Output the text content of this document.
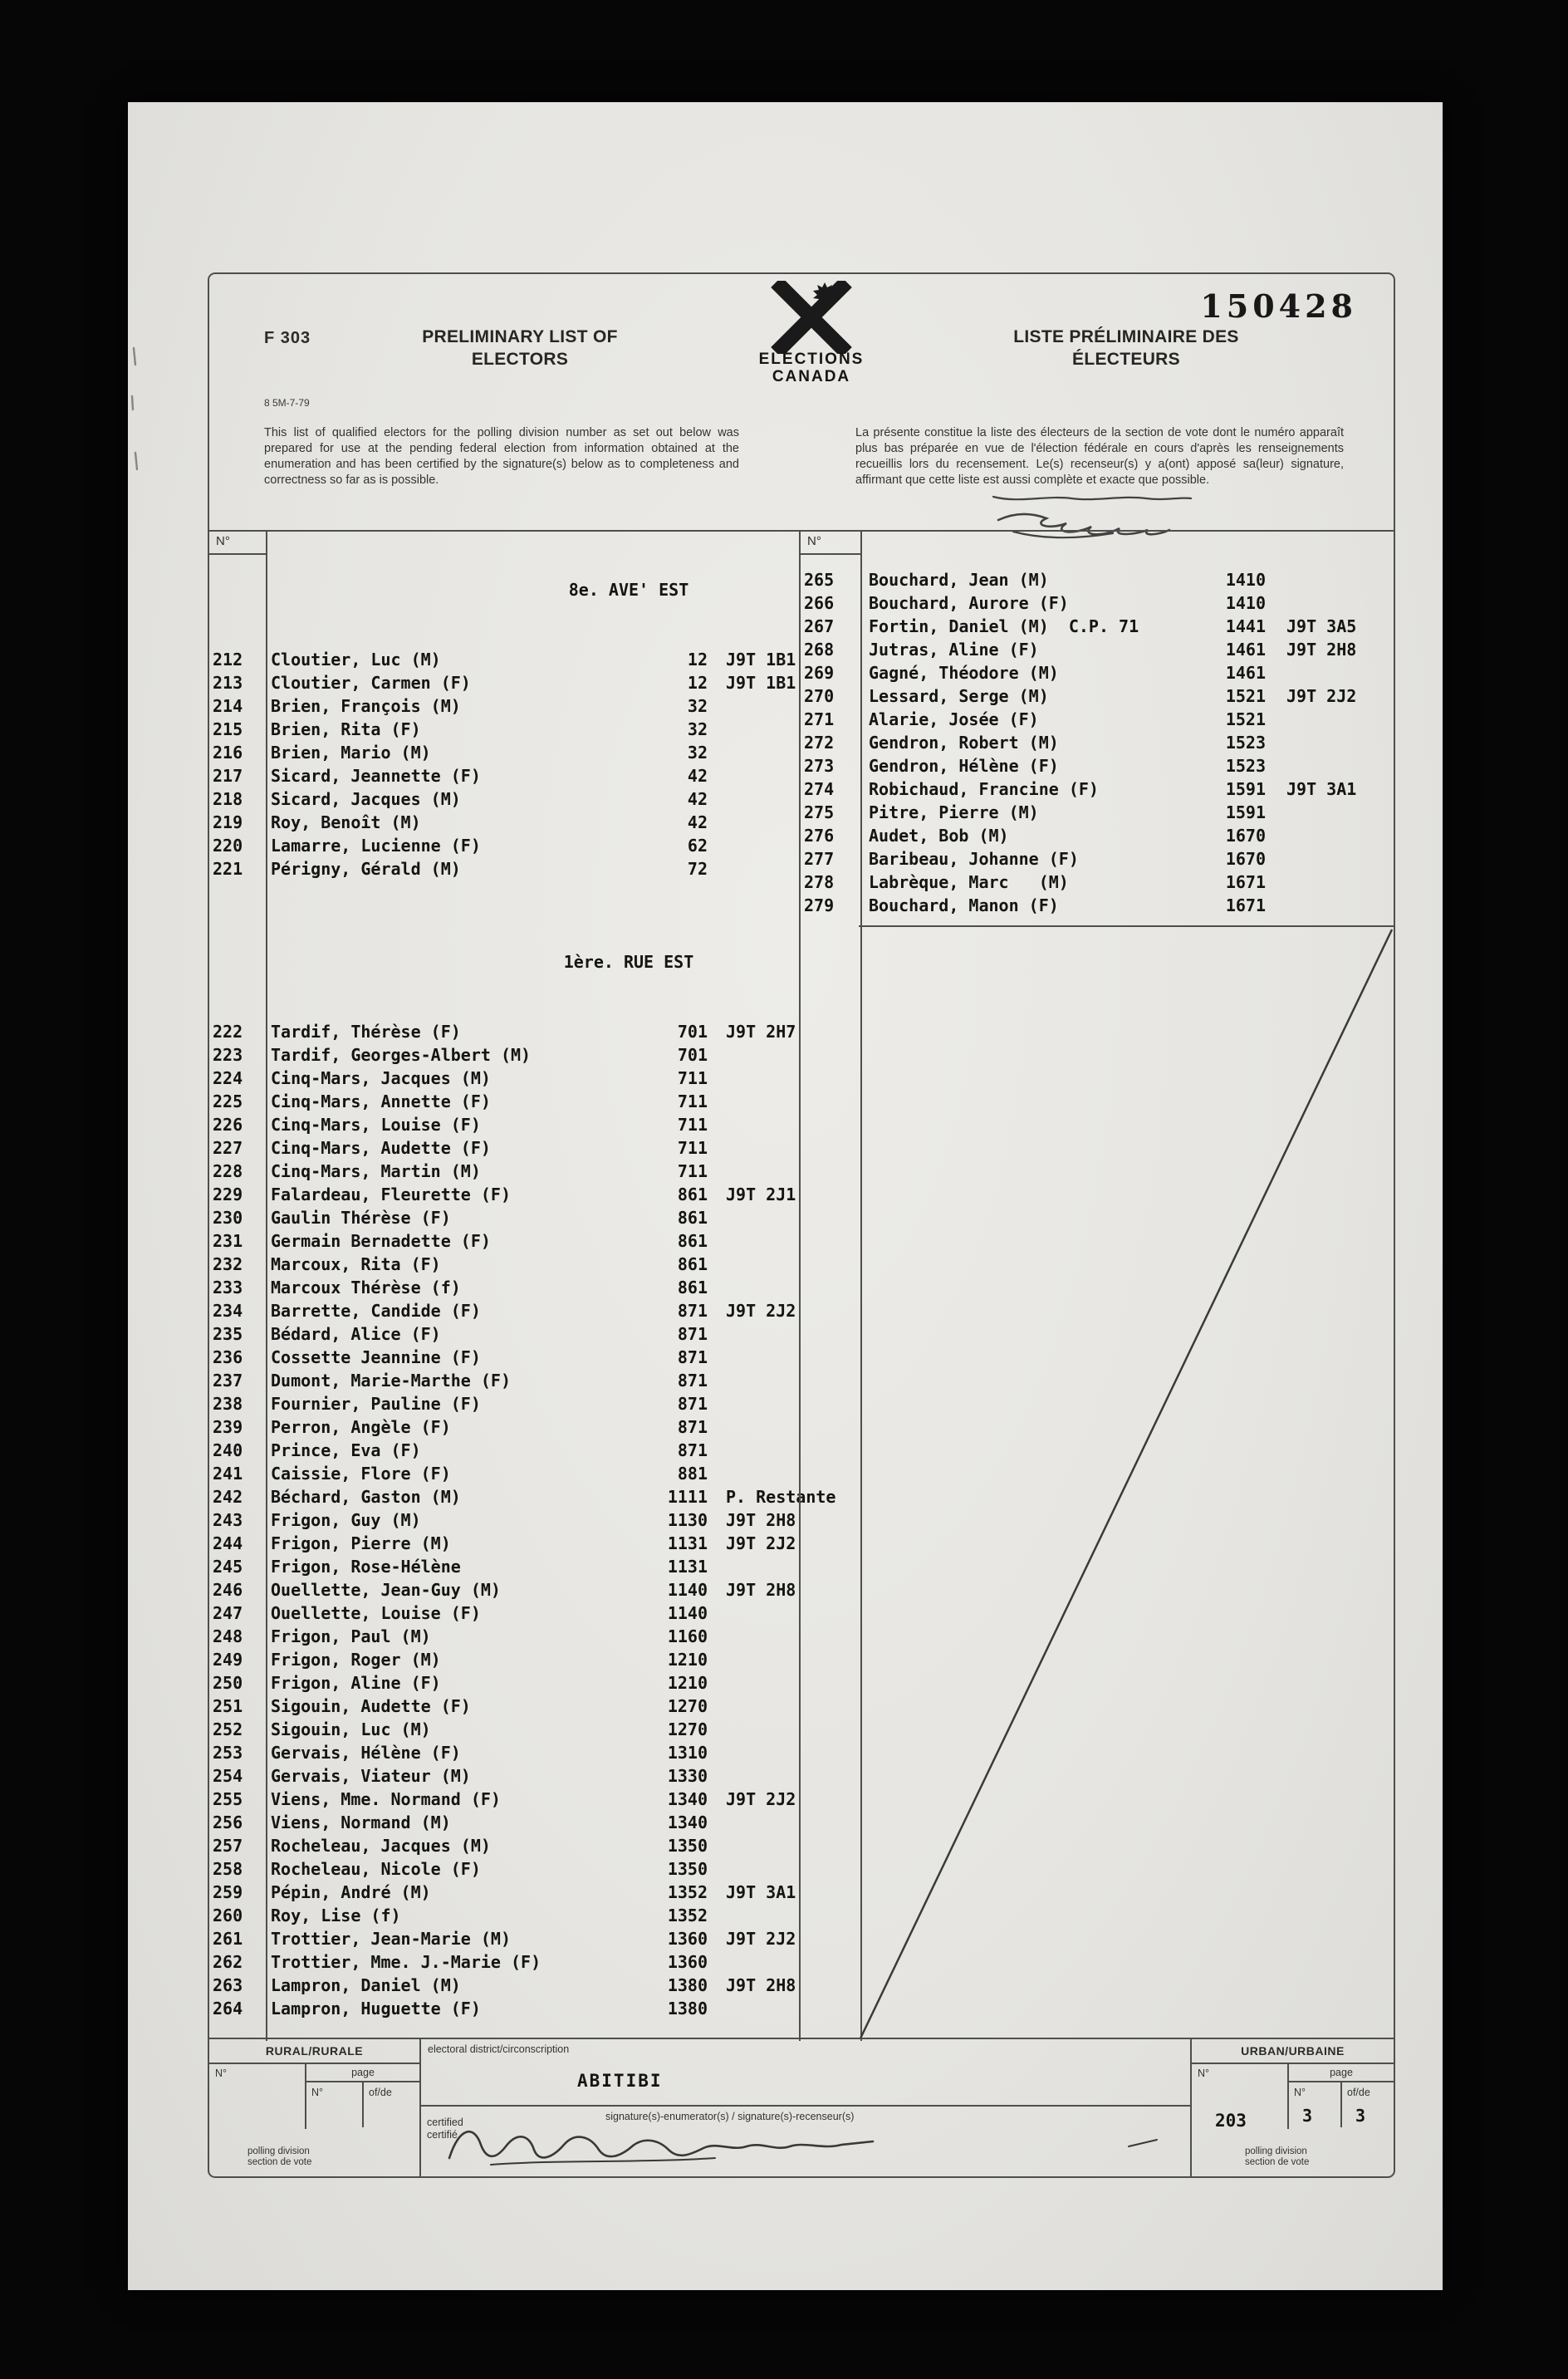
150428
F 303	PRELIMINARY LIST OF
ELECTORS	ELECTIONS
CANADA
LISTE PRÉLIMINAIRE DES
ÉLECTEURS
8 5M-7-79

This list of qualified electors for the polling division number as set out below was prepared for use at the pending federal election from information obtained at the enumeration and has been certified by the signature(s) below as to completeness and correctness so far as is possible.

La présente constitue la liste des électeurs de la section de vote dont le numéro apparaît plus bas préparée en vue de l'élection fédérale en cours d'après les renseignements recueillis lors du recensement. Le(s) recenseur(s) y a(ont) apposé sa(leur) signature, affirmant que cette liste est aussi complète et exacte que possible.

N°
8e. AVE' EST
212	Cloutier, Luc (M)	12	J9T 1B1
213	Cloutier, Carmen (F)	12	J9T 1B1
214	Brien, François (M)	32
215	Brien, Rita (F)	32
216	Brien, Mario (M)	32
217	Sicard, Jeannette (F)	42
218	Sicard, Jacques (M)	42
219	Roy, Benoît (M)	42
220	Lamarre, Lucienne (F)	62
221	Périgny, Gérald (M)	72
1ère. RUE EST
222	Tardif, Thérèse (F)	701	J9T 2H7
223	Tardif, Georges-Albert (M)	701
224	Cinq-Mars, Jacques (M)	711
225	Cinq-Mars, Annette (F)	711
226	Cinq-Mars, Louise (F)	711
227	Cinq-Mars, Audette (F)	711
228	Cinq-Mars, Martin (M)	711
229	Falardeau, Fleurette (F)	861	J9T 2J1
230	Gaulin Thérèse (F)	861
231	Germain Bernadette (F)	861
232	Marcoux, Rita (F)	861
233	Marcoux Thérèse (f)	861
234	Barrette, Candide (F)	871	J9T 2J2
235	Bédard, Alice (F)	871
236	Cossette Jeannine (F)	871
237	Dumont, Marie-Marthe (F)	871
238	Fournier, Pauline (F)	871
239	Perron, Angèle (F)	871
240	Prince, Eva (F)	871
241	Caissie, Flore (F)	881
242	Béchard, Gaston (M)	1111	P. Restante
243	Frigon, Guy (M)	1130	J9T 2H8
244	Frigon, Pierre (M)	1131	J9T 2J2
245	Frigon, Rose-Hélène	1131
246	Ouellette, Jean-Guy (M)	1140	J9T 2H8
247	Ouellette, Louise (F)	1140
248	Frigon, Paul (M)	1160
249	Frigon, Roger (M)	1210
250	Frigon, Aline (F)	1210
251	Sigouin, Audette (F)	1270
252	Sigouin, Luc (M)	1270
253	Gervais, Hélène (F)	1310
254	Gervais, Viateur (M)	1330
255	Viens, Mme. Normand (F)	1340	J9T 2J2
256	Viens, Normand (M)	1340
257	Rocheleau, Jacques (M)	1350
258	Rocheleau, Nicole (F)	1350
259	Pépin, André (M)	1352	J9T 3A1
260	Roy, Lise (f)	1352
261	Trottier, Jean-Marie (M)	1360	J9T 2J2
262	Trottier, Mme. J.-Marie (F)	1360
263	Lampron, Daniel (M)	1380	J9T 2H8
264	Lampron, Huguette (F)	1380
N°
265	Bouchard, Jean (M)	1410
266	Bouchard, Aurore (F)	1410
267	Fortin, Daniel (M)  C.P. 71	1441	J9T 3A5
268	Jutras, Aline (F)	1461	J9T 2H8
269	Gagné, Théodore (M)	1461
270	Lessard, Serge (M)	1521	J9T 2J2
271	Alarie, Josée (F)	1521
272	Gendron, Robert (M)	1523
273	Gendron, Hélène (F)	1523
274	Robichaud, Francine (F)	1591	J9T 3A1
275	Pitre, Pierre (M)	1591
276	Audet, Bob (M)	1670
277	Baribeau, Johanne (F)	1670
278	Labrèque, Marc   (M)	1671
279	Bouchard, Manon (F)	1671
RURAL/RURALE
N°	page
N°	of/de
polling division
section de vote
electoral district/circonscription
ABITIBI
certified
certifié
signature(s)-enumerator(s) / signature(s)-recenseur(s)
URBAN/URBAINE
N°
203
page
N°
3
of/de
3
polling division
section de vote
